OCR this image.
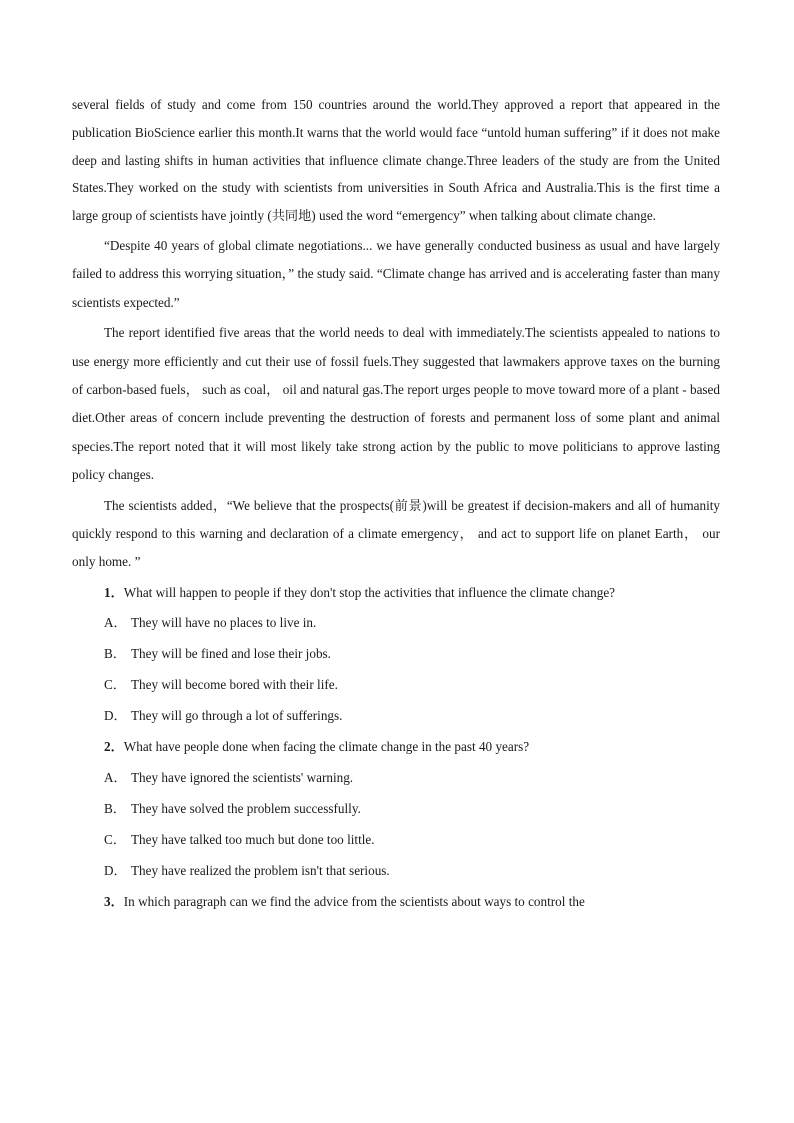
several fields of study and come from 150 countries around the world.They approved a report that appeared in the publication BioScience earlier this month.It warns that the world would face “untold human suffering” if it does not make deep and lasting shifts in human activities that influence climate change.Three leaders of the study are from the United States.They worked on the study with scientists from universities in South Africa and Australia.This is the first time a large group of scientists have jointly (共同地) used the word “emergency” when talking about climate change.

“Despite 40 years of global climate negotiations... we have generally conducted business as usual and have largely failed to address this worrying situation，” the study said. “Climate change has arrived and is accelerating faster than many scientists expected.”

The report identified five areas that the world needs to deal with immediately.The scientists appealed to nations to use energy more efficiently and cut their use of fossil fuels.They suggested that lawmakers approve taxes on the burning of carbon-based fuels， such as coal， oil and natural gas.The report urges people to move toward more of a plant - based diet.Other areas of concern include preventing the destruction of forests and permanent loss of some plant and animal species.The report noted that it will most likely take strong action by the public to move politicians to approve lasting policy changes.

The scientists added，“We believe that the prospects(前景)will be greatest if decision-makers and all of humanity quickly respond to this warning and declaration of a climate emergency， and act to support life on planet Earth， our only home. ”

1．What will happen to people if they don't stop the activities that influence the climate change?

A． They will have no places to live in.

B． They will be fined and lose their jobs.

C． They will become bored with their life.

D． They will go through a lot of sufferings.

2．What have people done when facing the climate change in the past 40 years?

A． They have ignored the scientists' warning.

B． They have solved the problem successfully.

C． They have talked too much but done too little.

D． They have realized the problem isn't that serious.

3．In which paragraph can we find the advice from the scientists about ways to control the
